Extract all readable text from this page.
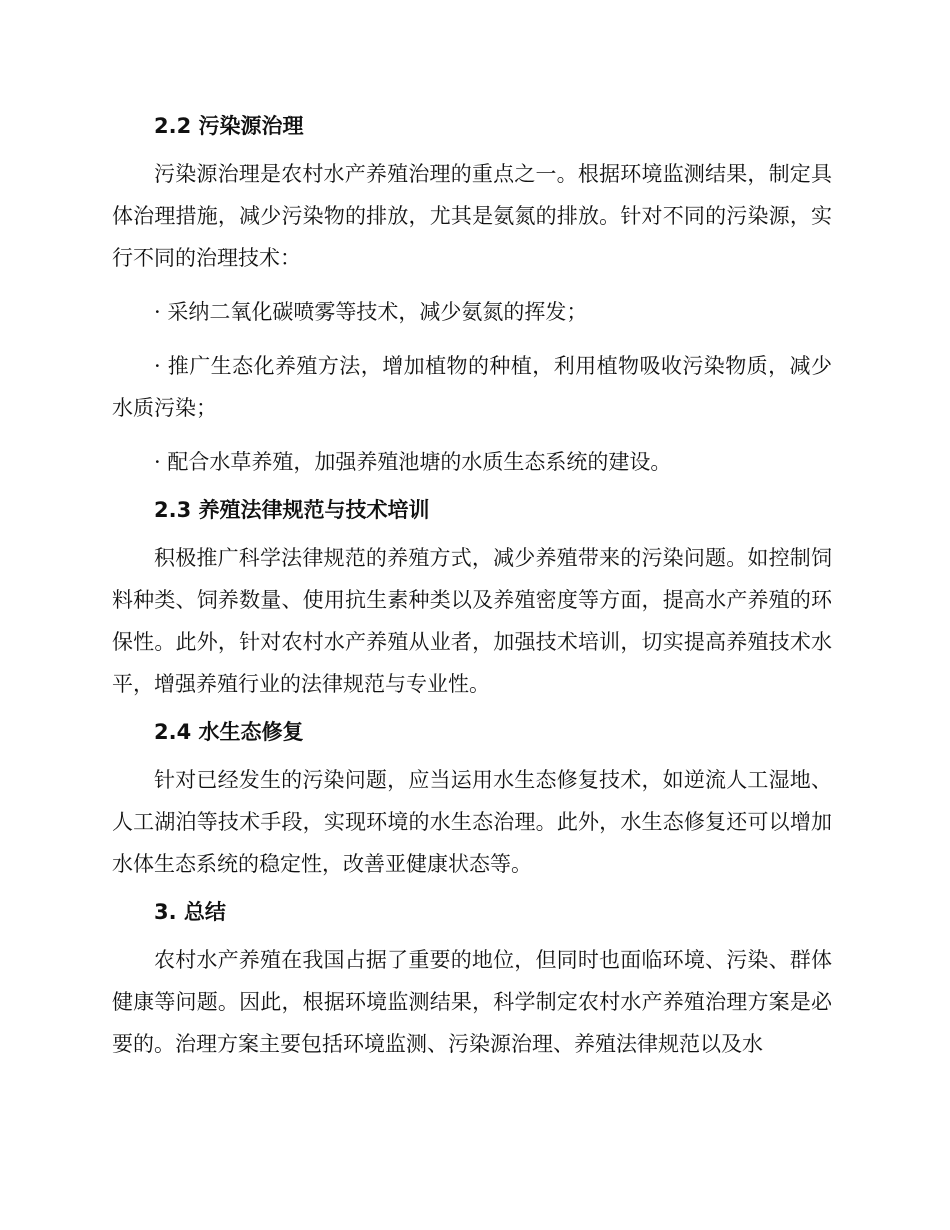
2.2 污染源治理

污染源治理是农村水产养殖治理的重点之一。根据环境监测结果，制定具体治理措施，减少污染物的排放，尤其是氨氮的排放。针对不同的污染源，实行不同的治理技术：

· 采纳二氧化碳喷雾等技术，减少氨氮的挥发；

· 推广生态化养殖方法，增加植物的种植，利用植物吸收污染物质，减少水质污染；

· 配合水草养殖，加强养殖池塘的水质生态系统的建设。

2.3 养殖法律规范与技术培训

积极推广科学法律规范的养殖方式，减少养殖带来的污染问题。如控制饲料种类、饲养数量、使用抗生素种类以及养殖密度等方面，提高水产养殖的环保性。此外，针对农村水产养殖从业者，加强技术培训，切实提高养殖技术水平，增强养殖行业的法律规范与专业性。

2.4 水生态修复

针对已经发生的污染问题，应当运用水生态修复技术，如逆流人工湿地、人工湖泊等技术手段，实现环境的水生态治理。此外，水生态修复还可以增加水体生态系统的稳定性，改善亚健康状态等。

3. 总结

农村水产养殖在我国占据了重要的地位，但同时也面临环境、污染、群体健康等问题。因此，根据环境监测结果，科学制定农村水产养殖治理方案是必要的。治理方案主要包括环境监测、污染源治理、养殖法律规范以及水
